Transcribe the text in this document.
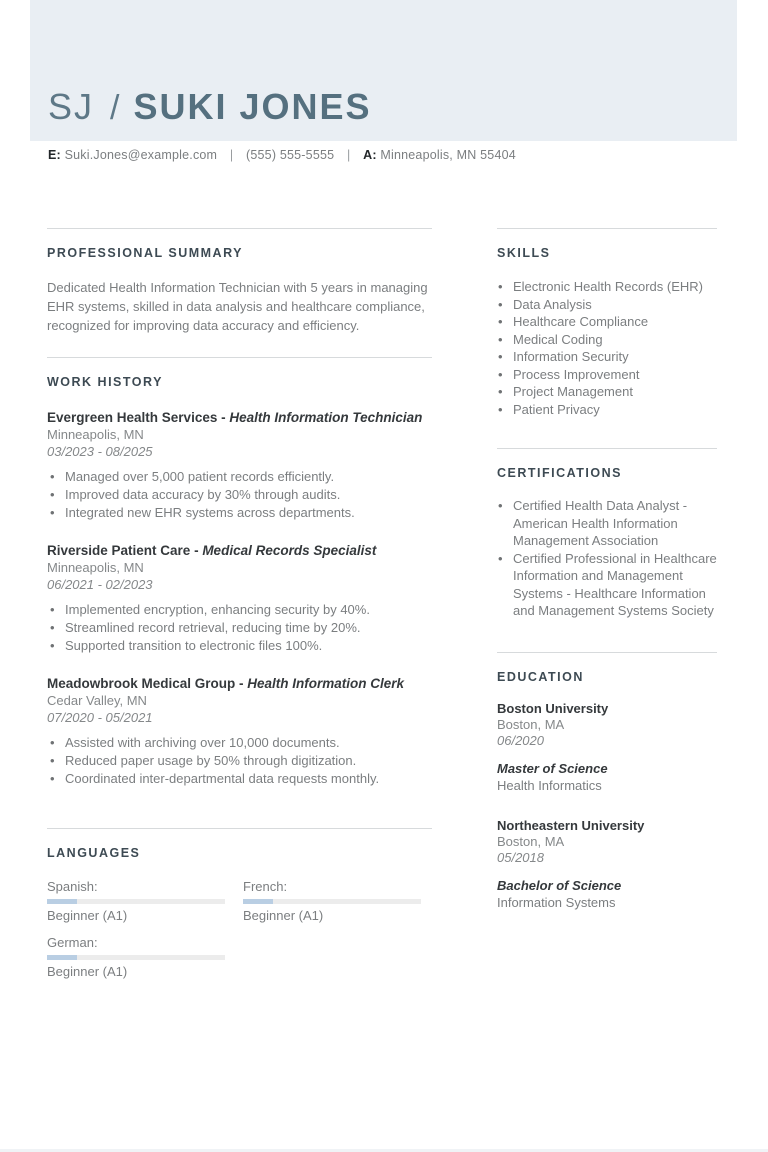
SJ / SUKI JONES
E: Suki.Jones@example.com | (555) 555-5555 | A: Minneapolis, MN 55404
PROFESSIONAL SUMMARY

Dedicated Health Information Technician with 5 years in managing EHR systems, skilled in data analysis and healthcare compliance, recognized for improving data accuracy and efficiency.

WORK HISTORY
Evergreen Health Services - Health Information Technician
Minneapolis, MN
03/2023 - 08/2025
• Managed over 5,000 patient records efficiently.
• Improved data accuracy by 30% through audits.
• Integrated new EHR systems across departments.
Riverside Patient Care - Medical Records Specialist
Minneapolis, MN
06/2021 - 02/2023
• Implemented encryption, enhancing security by 40%.
• Streamlined record retrieval, reducing time by 20%.
• Supported transition to electronic files 100%.
Meadowbrook Medical Group - Health Information Clerk
Cedar Valley, MN
07/2020 - 05/2021
• Assisted with archiving over 10,000 documents.
• Reduced paper usage by 50% through digitization.
• Coordinated inter-departmental data requests monthly.
LANGUAGES
Spanish:
Beginner (A1)
French:
Beginner (A1)
German:
Beginner (A1)
SKILLS
• Electronic Health Records (EHR)
• Data Analysis
• Healthcare Compliance
• Medical Coding
• Information Security
• Process Improvement
• Project Management
• Patient Privacy
CERTIFICATIONS
• Certified Health Data Analyst - American Health Information Management Association
• Certified Professional in Healthcare Information and Management Systems - Healthcare Information and Management Systems Society
EDUCATION
Boston University
Boston, MA
06/2020
Master of Science
Health Informatics
Northeastern University
Boston, MA
05/2018
Bachelor of Science
Information Systems
